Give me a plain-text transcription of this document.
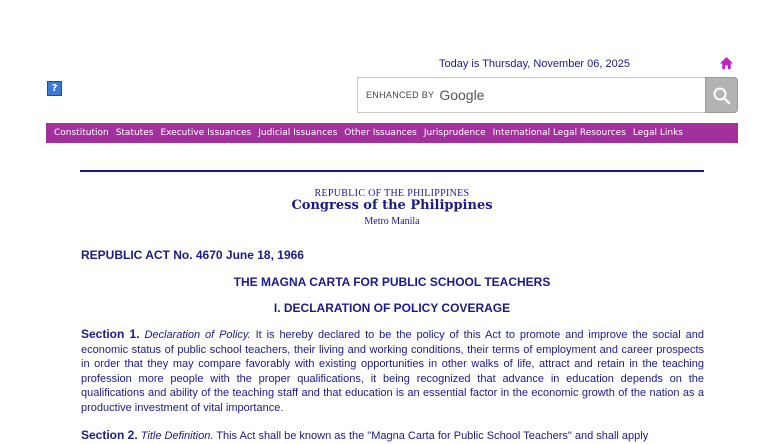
Today is Thursday, November 06, 2025
?
ENHANCED BY Google
Constitution Statutes Executive Issuances Judicial Issuances Other Issuances Jurisprudence International Legal Resources Legal Links
REPUBLIC OF THE PHILIPPINES
Congress of the Philippines
Metro Manila
REPUBLIC ACT No. 4670 June 18, 1966
THE MAGNA CARTA FOR PUBLIC SCHOOL TEACHERS
I. DECLARATION OF POLICY COVERAGE
Section 1. Declaration of Policy. It is hereby declared to be the policy of this Act to promote and improve the social and economic status of public school teachers, their living and working conditions, their terms of employment and career prospects in order that they may compare favorably with existing opportunities in other walks of life, attract and retain in the teaching profession more people with the proper qualifications, it being recognized that advance in education depends on the qualifications and ability of the teaching staff and that education is an essential factor in the economic growth of the nation as a productive investment of vital importance.
Section 2. Title Definition. This Act shall be known as the "Magna Carta for Public School Teachers" and shall apply
